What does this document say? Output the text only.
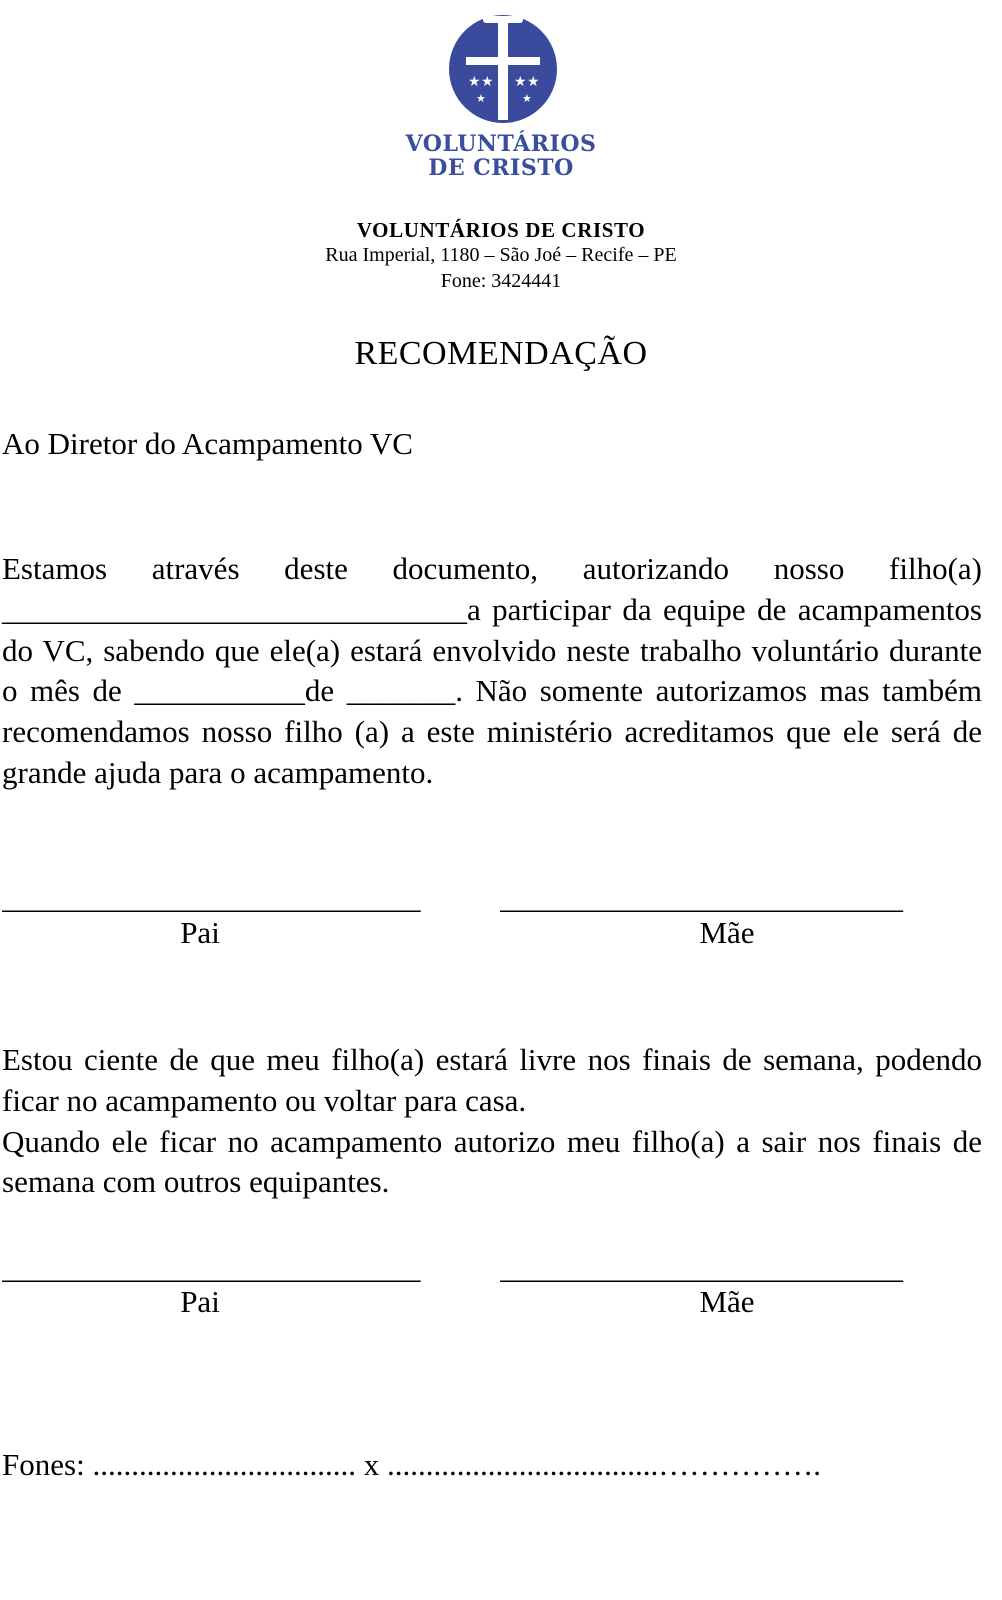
★ ★ ★ ★
★	★
VOLUNTÁRIOS
DE CRISTO
VOLUNTÁRIOS DE CRISTO
Rua Imperial, 1180 – São Joé – Recife – PE
Fone: 3424441
RECOMENDAÇÃO
Ao Diretor do Acampamento VC
Estamos através deste documento, autorizando nosso filho(a) ______________________________a participar da equipe de acampamentos do VC, sabendo que ele(a) estará envolvido neste trabalho voluntário durante o mês de ___________de _______. Não somente autorizamos mas também recomendamos nosso filho (a) a este ministério acreditamos que ele será de grande ajuda para o acampamento.
___________________________	__________________________
Pai	Mãe
Estou ciente de que meu filho(a) estará livre nos finais de semana, podendo ficar no acampamento ou voltar para casa.
Quando ele ficar no acampamento autorizo meu filho(a) a sair nos finais de semana com outros equipantes.
___________________________	__________________________
Pai	Mãe
Fones: .................................. x ...................................…………….
